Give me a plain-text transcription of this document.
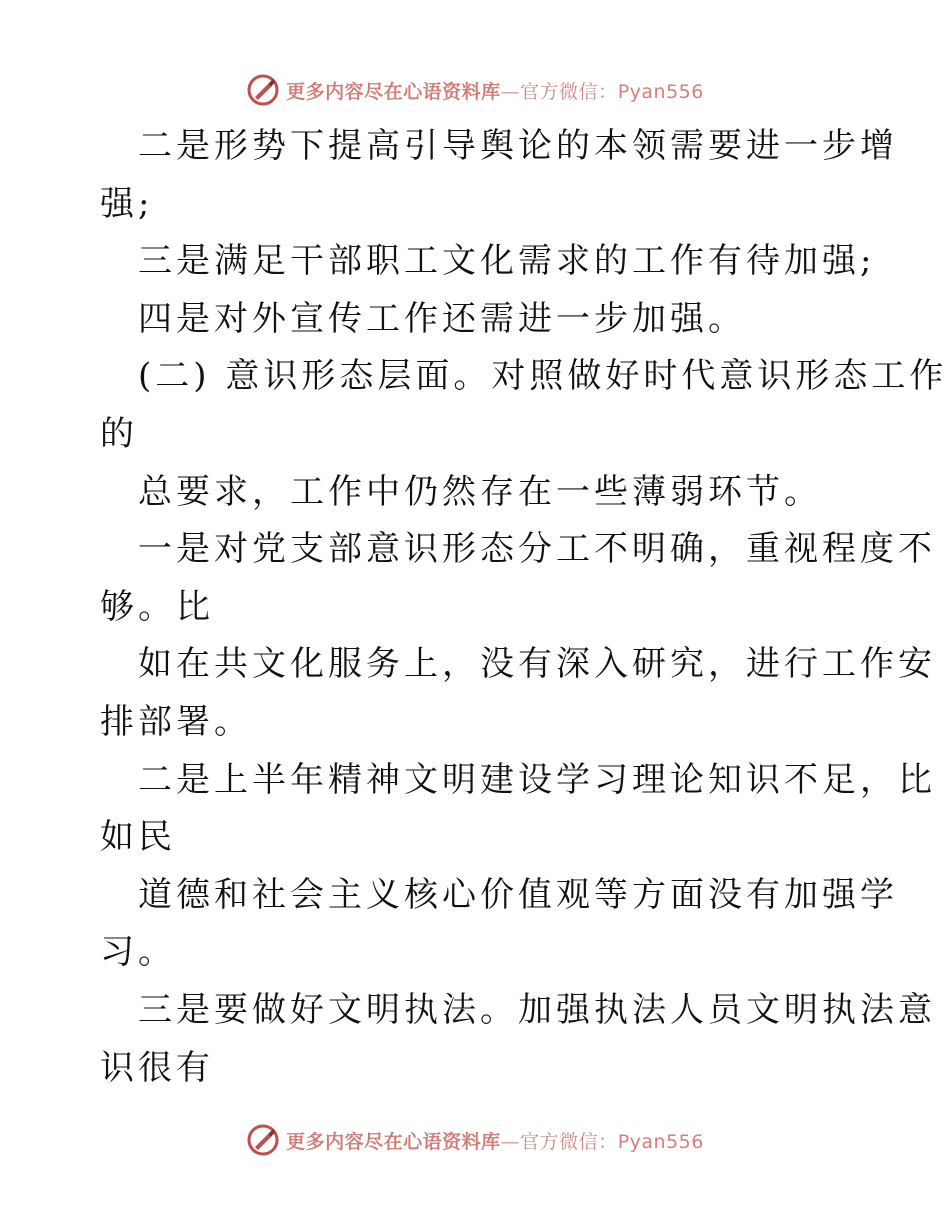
更多内容尽在心语资料库—官方微信：Pyan556
二是形势下提高引导舆论的本领需要进一步增
强;
三是满足干部职工文化需求的工作有待加强;
四是对外宣传工作还需进一步加强。
(二) 意识形态层面。对照做好时代意识形态工作
的
总要求，工作中仍然存在一些薄弱环节。
一是对党支部意识形态分工不明确，重视程度不
够。比
如在共文化服务上，没有深入研究，进行工作安
排部署。
二是上半年精神文明建设学习理论知识不足，比
如民
道德和社会主义核心价值观等方面没有加强学
习。
三是要做好文明执法。加强执法人员文明执法意
识很有
更多内容尽在心语资料库—官方微信：Pyan556
